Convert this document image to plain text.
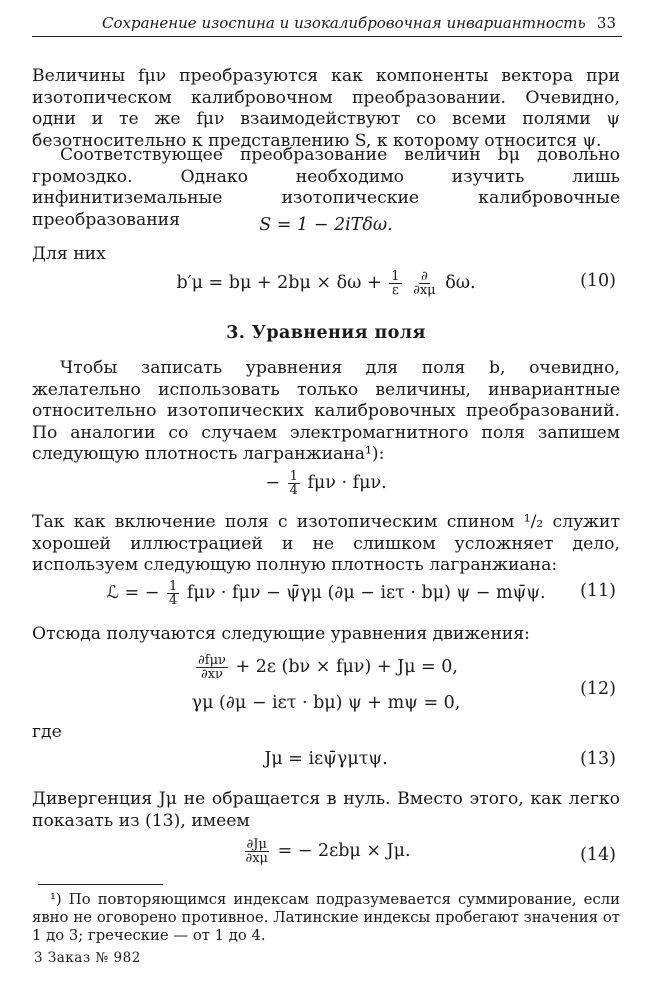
Сохранение изоспина и изокалибровочная инвариантность 33

Величины fμν преобразуются как компоненты вектора при изотопическом калибровочном преобразовании. Очевидно, одни и те же fμν взаимодействуют со всеми полями ψ безотносительно к представлению S, к которому относится ψ.

Соответствующее преобразование величин bμ довольно громоздко. Однако необходимо изучить лишь инфинитиземальные изотопические калибровочные преобразования	S = 1 − 2iTδω.

Для них

$b'\mu = b\mu + 2b\mu \times \delta\omega + \frac{1}{\varepsilon}$
$\frac{\partial}{\partial x\mu} \delta\omega$.	(10)
3. Уравнения поля

Чтобы записать уравнения для поля b, очевидно, желательно использовать только величины, инвариантные относительно изотопических калибровочных преобразований. По аналогии со случаем электромагнитного поля запишем следующую плотность лагранжиана¹):

− $\frac{1}{4}$ fμν · fμν.

Так как включение поля с изотопическим спином ¹/₂ служит хорошей иллюстрацией и не слишком усложняет дело, используем следующую полную плотность лагранжиана:

ℒ = − $\frac{1}{4}$ fμν · fμν − ψ̄γμ (∂μ − iετ · bμ) ψ − mψ̄ψ. (11)

Отсюда получаются следующие уравнения движения:

$\frac{\text{∂fμν}}{\partial x\nu} + 2\varepsilon$ (bν × fμν) + Jμ = 0,
γμ (∂μ − iετ · bμ) ψ + mψ = 0,
(12)

где

Jμ = iεψ̄γμτψ.	(13)

Дивергенция Jμ не обращается в нуль. Вместо этого, как легко показать из (13), имеем

$\frac{\partial J\mu}{\partial x\mu}$ = − 2εbμ × Jμ.	(14)

¹) По повторяющимся индексам подразумевается суммирование, если явно не оговорено противное. Латинские индексы пробегают значения от 1 до 3; греческие — от 1 до 4.

3 Заказ № 982
